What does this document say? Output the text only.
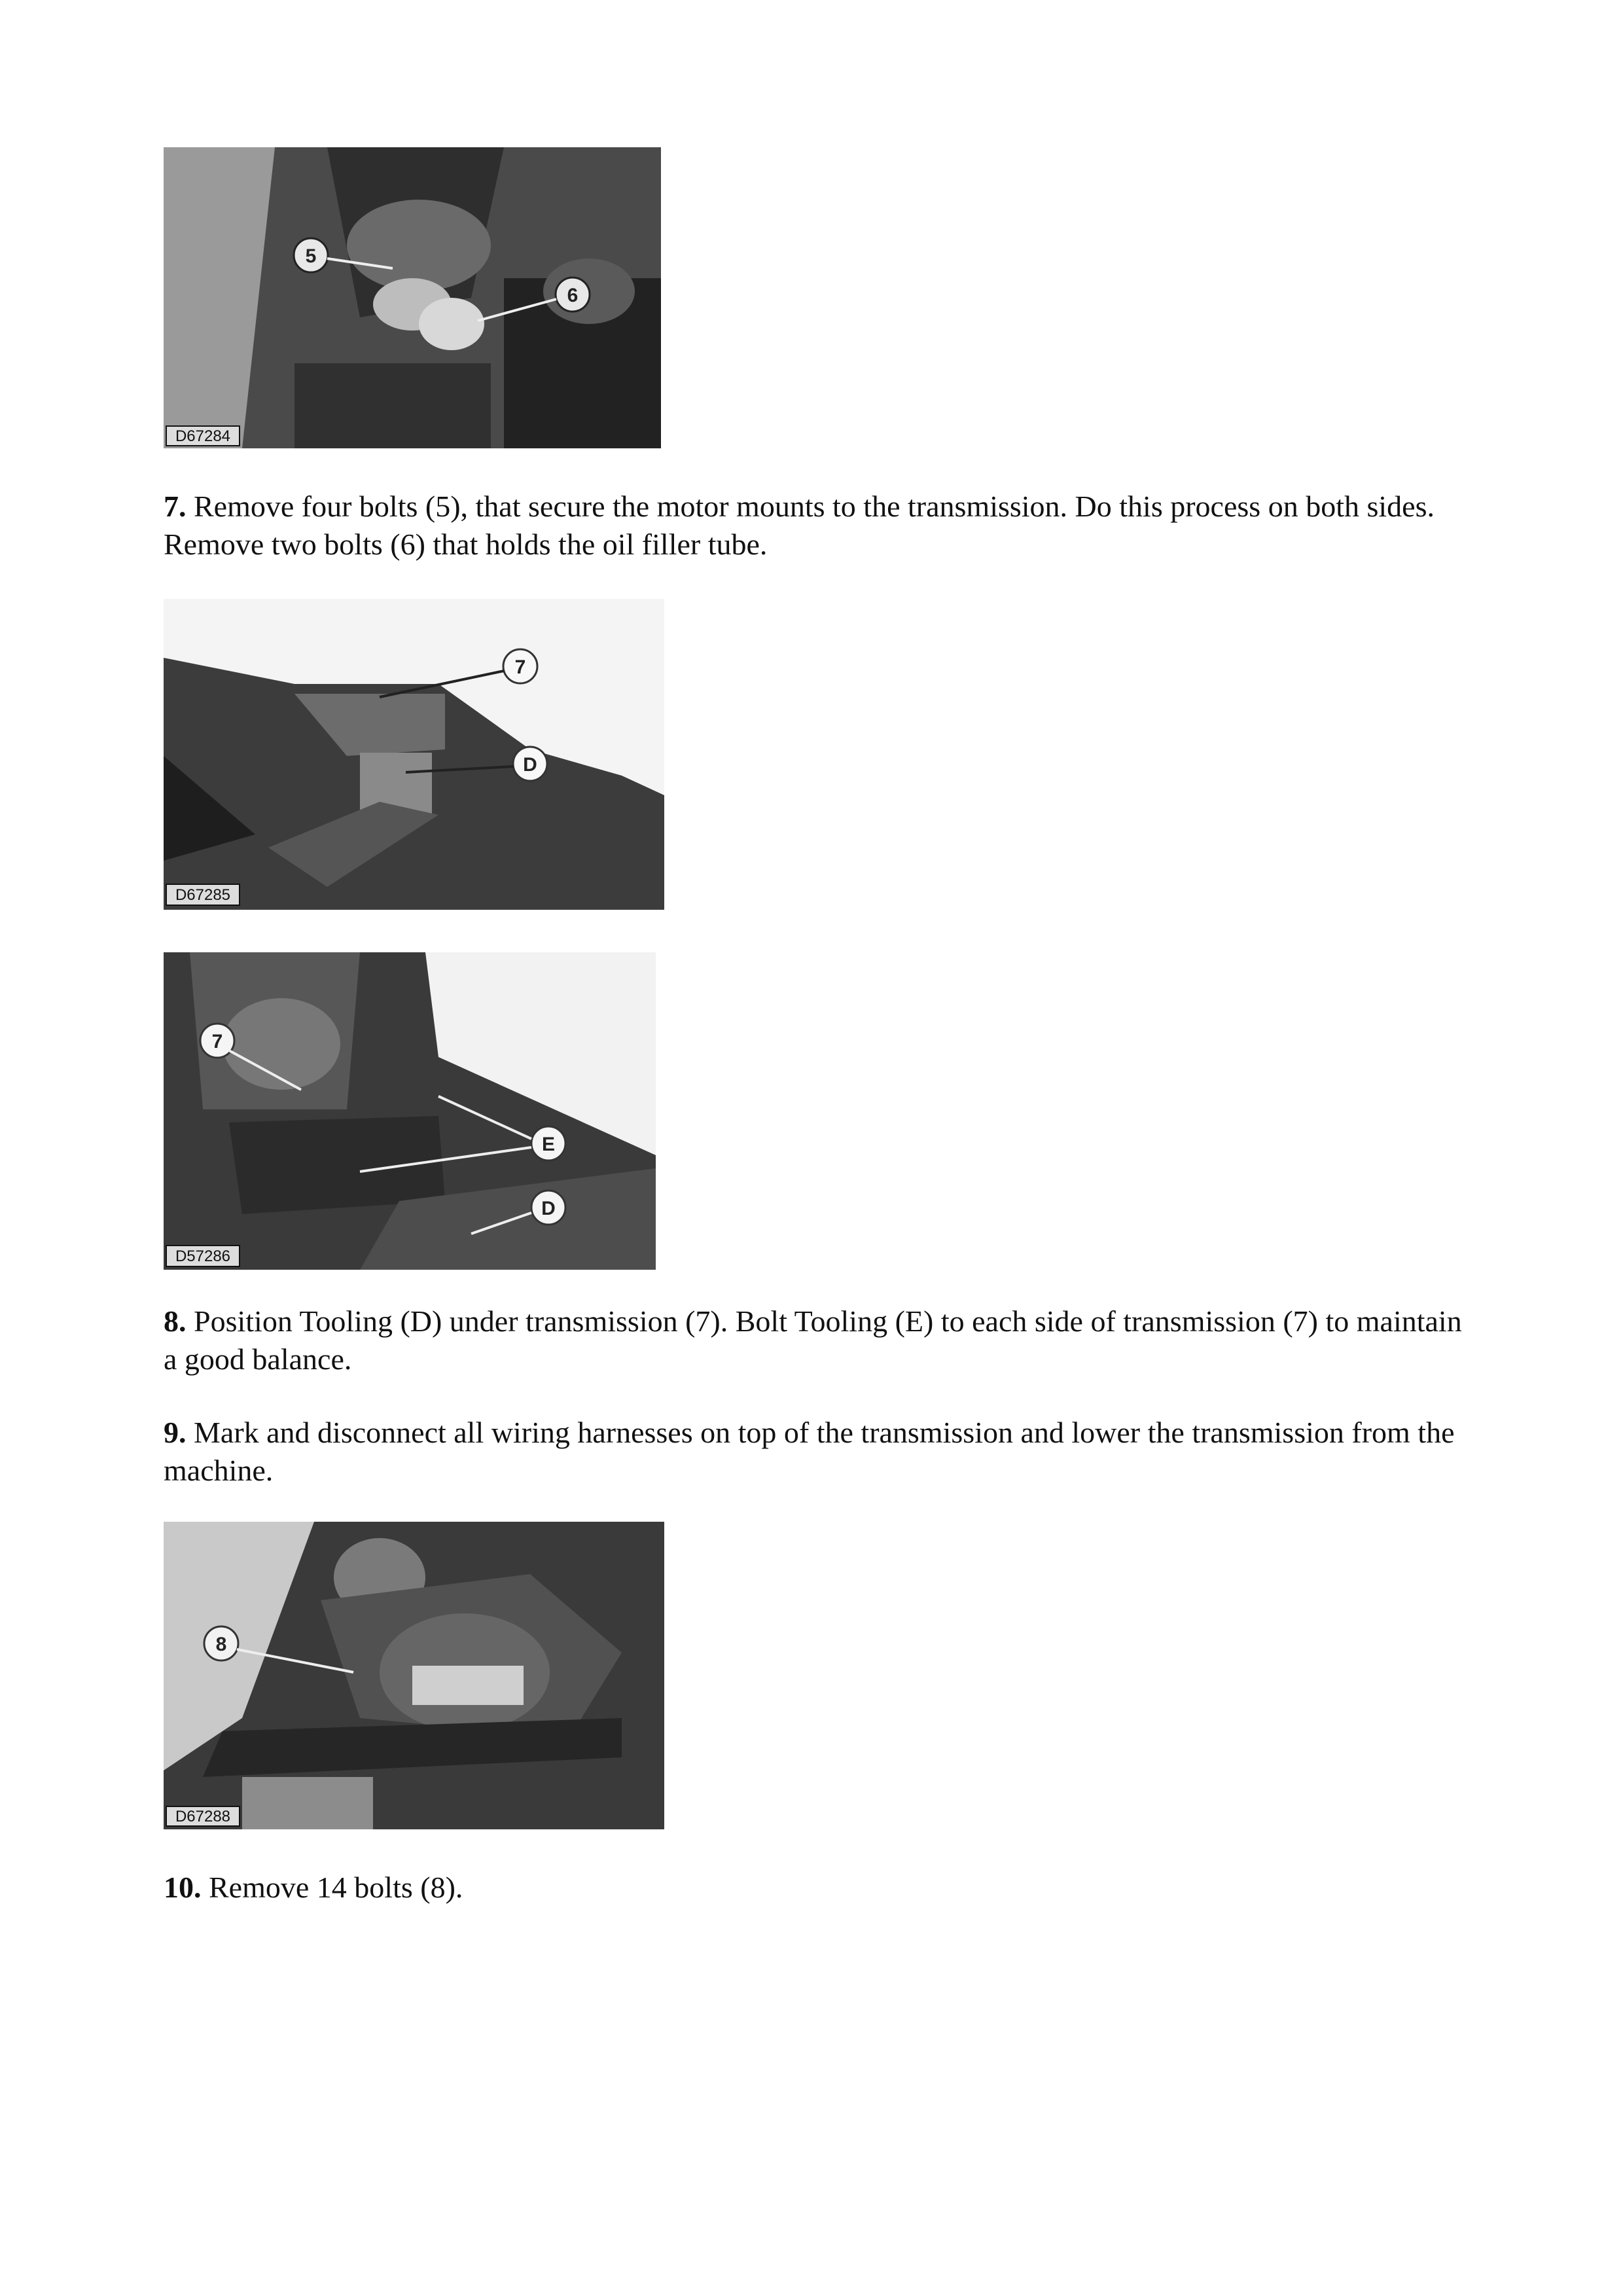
5
6
D67284

7. Remove four bolts (5), that secure the motor mounts to the transmission. Do this process on both sides. Remove two bolts (6) that holds the oil filler tube.

7
D
D67285
7
E
D
D57286

8. Position Tooling (D) under transmission (7). Bolt Tooling (E) to each side of transmission (7) to maintain a good balance.

9. Mark and disconnect all wiring harnesses on top of the transmission and lower the transmission from the machine.

8
D67288

10. Remove 14 bolts (8).
